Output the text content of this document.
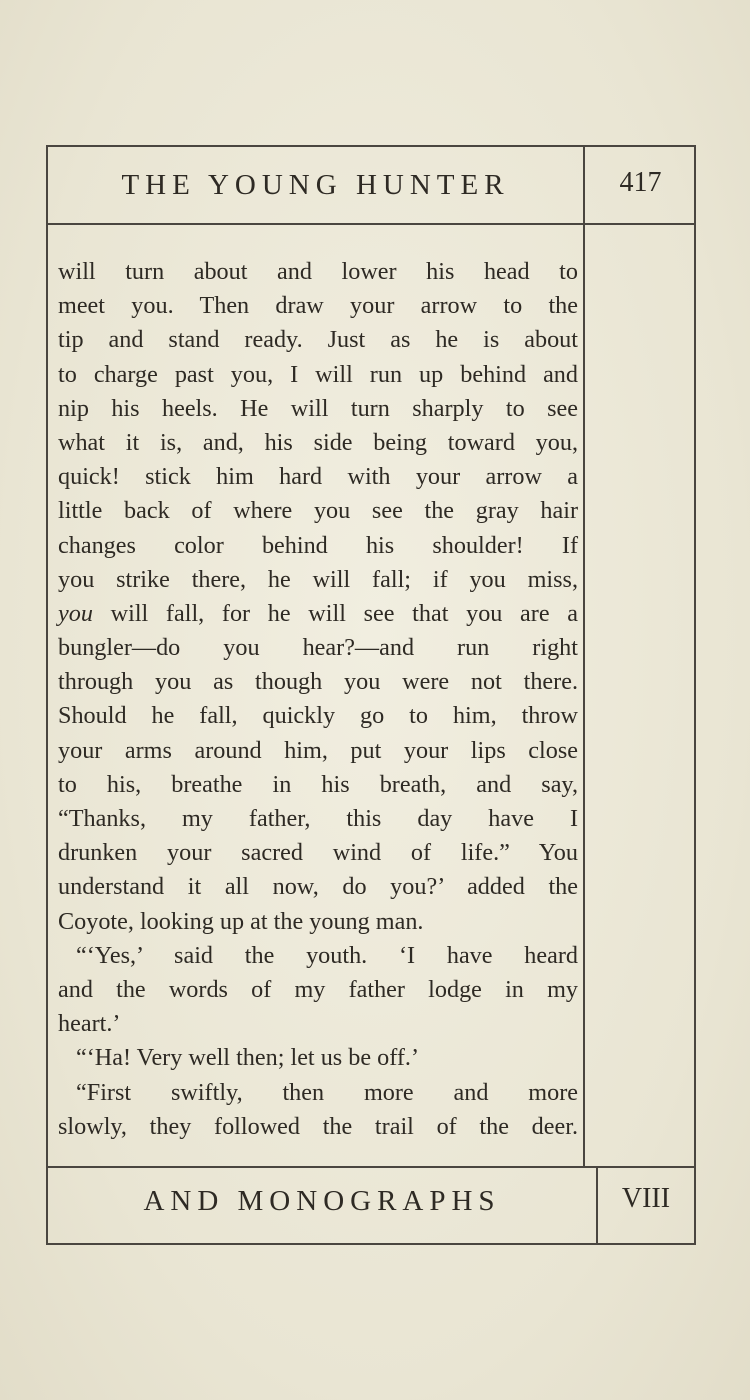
THE YOUNG HUNTER	417
will turn about and lower his head to
meet you. Then draw your arrow to the
tip and stand ready. Just as he is about
to charge past you, I will run up behind and
nip his heels. He will turn sharply to see
what it is, and, his side being toward you,
quick! stick him hard with your arrow a
little back of where you see the gray hair
changes color behind his shoulder! If
you strike there, he will fall; if you miss,
you will fall, for he will see that you are a
bungler—do you hear?—and run right
through you as though you were not there.
Should he fall, quickly go to him, throw
your arms around him, put your lips close
to his, breathe in his breath, and say,
“Thanks, my father, this day have I
drunken your sacred wind of life.” You
understand it all now, do you?’ added the
Coyote, looking up at the young man.
“‘Yes,’ said the youth. ‘I have heard
and the words of my father lodge in my
heart.’
“‘Ha! Very well then; let us be off.’
“First swiftly, then more and more
slowly, they followed the trail of the deer.
AND MONOGRAPHS	VIII
